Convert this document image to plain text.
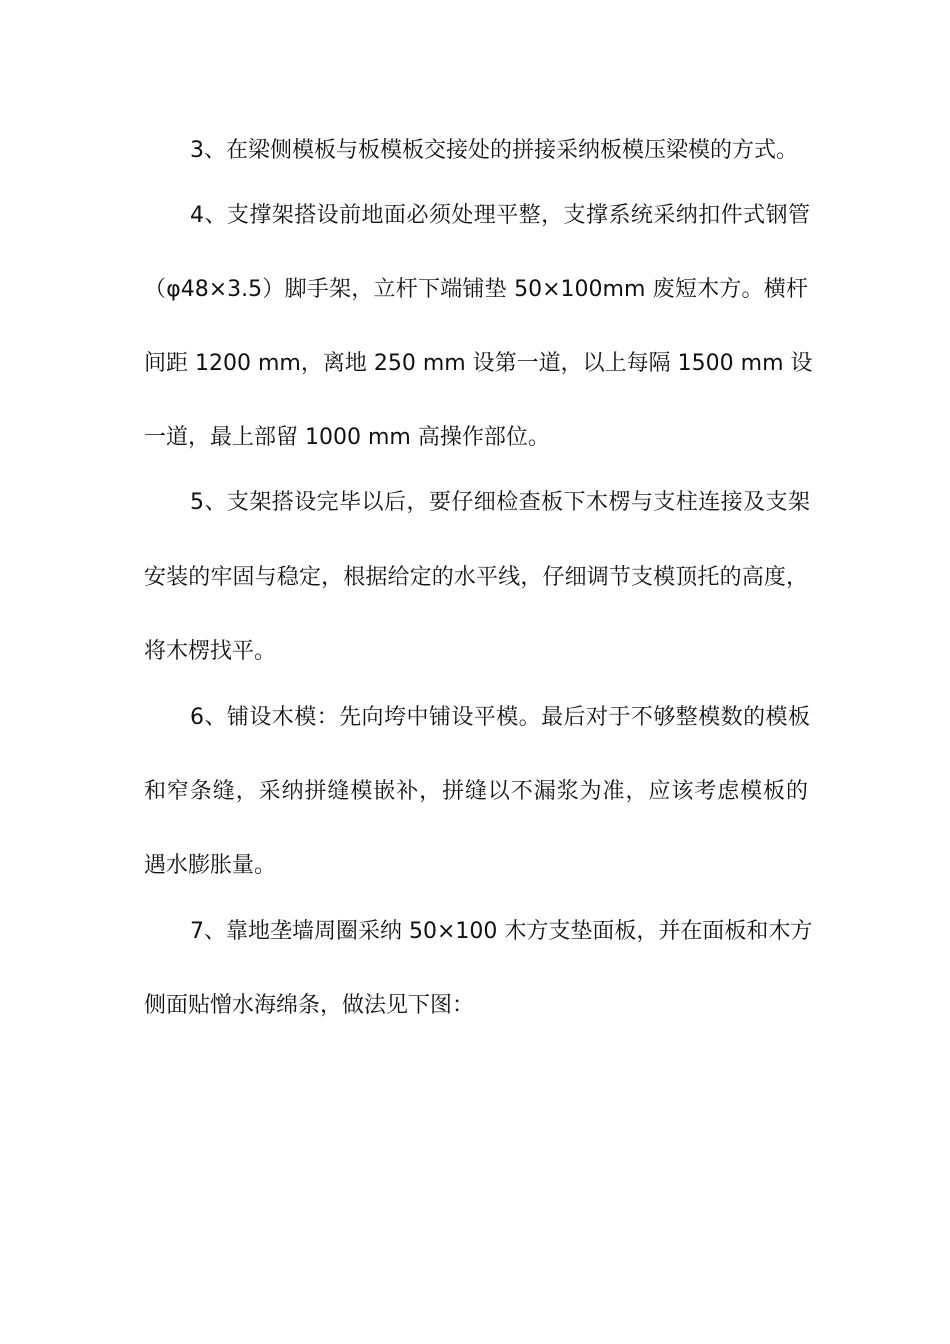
3、在梁侧模板与板模板交接处的拼接采纳板模压梁模的方式。
4、支撑架搭设前地面必须处理平整，支撑系统采纳扣件式钢管
（φ48×3.5）脚手架，立杆下端铺垫 50×100mm 废短木方。横杆
间距 1200 mm，离地 250 mm 设第一道，以上每隔 1500 mm 设
一道，最上部留 1000 mm 高操作部位。
5、支架搭设完毕以后，要仔细检查板下木楞与支柱连接及支架
安装的牢固与稳定，根据给定的水平线，仔细调节支模顶托的高度，
将木楞找平。
6、铺设木模：先向垮中铺设平模。最后对于不够整模数的模板
和窄条缝，采纳拼缝模嵌补，拼缝以不漏浆为准，应该考虑模板的
遇水膨胀量。
7、靠地垄墙周圈采纳 50×100 木方支垫面板，并在面板和木方
侧面贴憎水海绵条，做法见下图：
